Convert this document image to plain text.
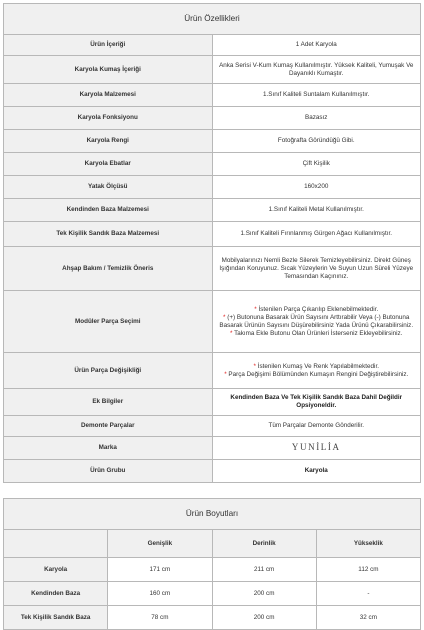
Ürün Özellikleri	
Ürün İçeriği	1 Adet Karyola
Karyola Kumaş İçeriği	Anka Serisi V-Kum Kumaş Kullanılmıştır. Yüksek Kaliteli, Yumuşak Ve Dayanıklı Kumaştır.
Karyola Malzemesi	1.Sınıf Kaliteli Suntalam Kullanılmıştır.
Karyola Fonksiyonu	Bazasız
Karyola Rengi	Fotoğrafta Göründüğü Gibi.
Karyola Ebatlar	Çift Kişilik
Yatak Ölçüsü	160x200
Kendinden Baza Malzemesi	1.Sınıf Kaliteli Metal Kullanılmıştır.
Tek Kişilik Sandık Baza Malzemesi	1.Sınıf Kaliteli Fırınlanmış Gürgen Ağacı Kullanılmıştır.
Ahşap Bakım / Temizlik Öneris	Mobilyalarınızı Nemli Bezle Silerek Temizleyebilirsiniz. Direkt Güneş Işığından Koruyunuz. Sıcak Yüzeylerin Ve Suyun Uzun Süreli Yüzeye Temasından Kaçınınız.
Modüler Parça Seçimi	* İstenilen Parça Çıkarılıp Eklenebilmektedir.
* (+) Butonuna Basarak Ürün Sayısını Arttırabilir Veya (-) Butonuna Basarak Ürünün Sayısını Düşürebilirsiniz Yada Ürünü Çıkarabilirsiniz.
* Takıma Ekle Butonu Olan Ürünleri İsterseniz Ekleyebilirsiniz.

Ürün Parça Değişikliği	* İstenilen Kumaş Ve Renk Yapılabilmektedir.
* Parça Değişimi Bölümünden Kumaşın Rengini Değiştirebilirsiniz.

Ek Bilgiler	Kendinden Baza Ve Tek Kişilik Sandık Baza Dahil Değildir Opsiyoneldir.
Demonte Parçalar	Tüm Parçalar Demonte Gönderilir.
Marka	YUNİLİA
Ürün Grubu	Karyola
Ürün Boyutları			
	Genişlik	Derinlik	Yükseklik
Karyola	171 cm	211 cm	112 cm
Kendinden Baza	160 cm	200 cm	-
Tek Kişilik Sandık Baza	78 cm	200 cm	32 cm
